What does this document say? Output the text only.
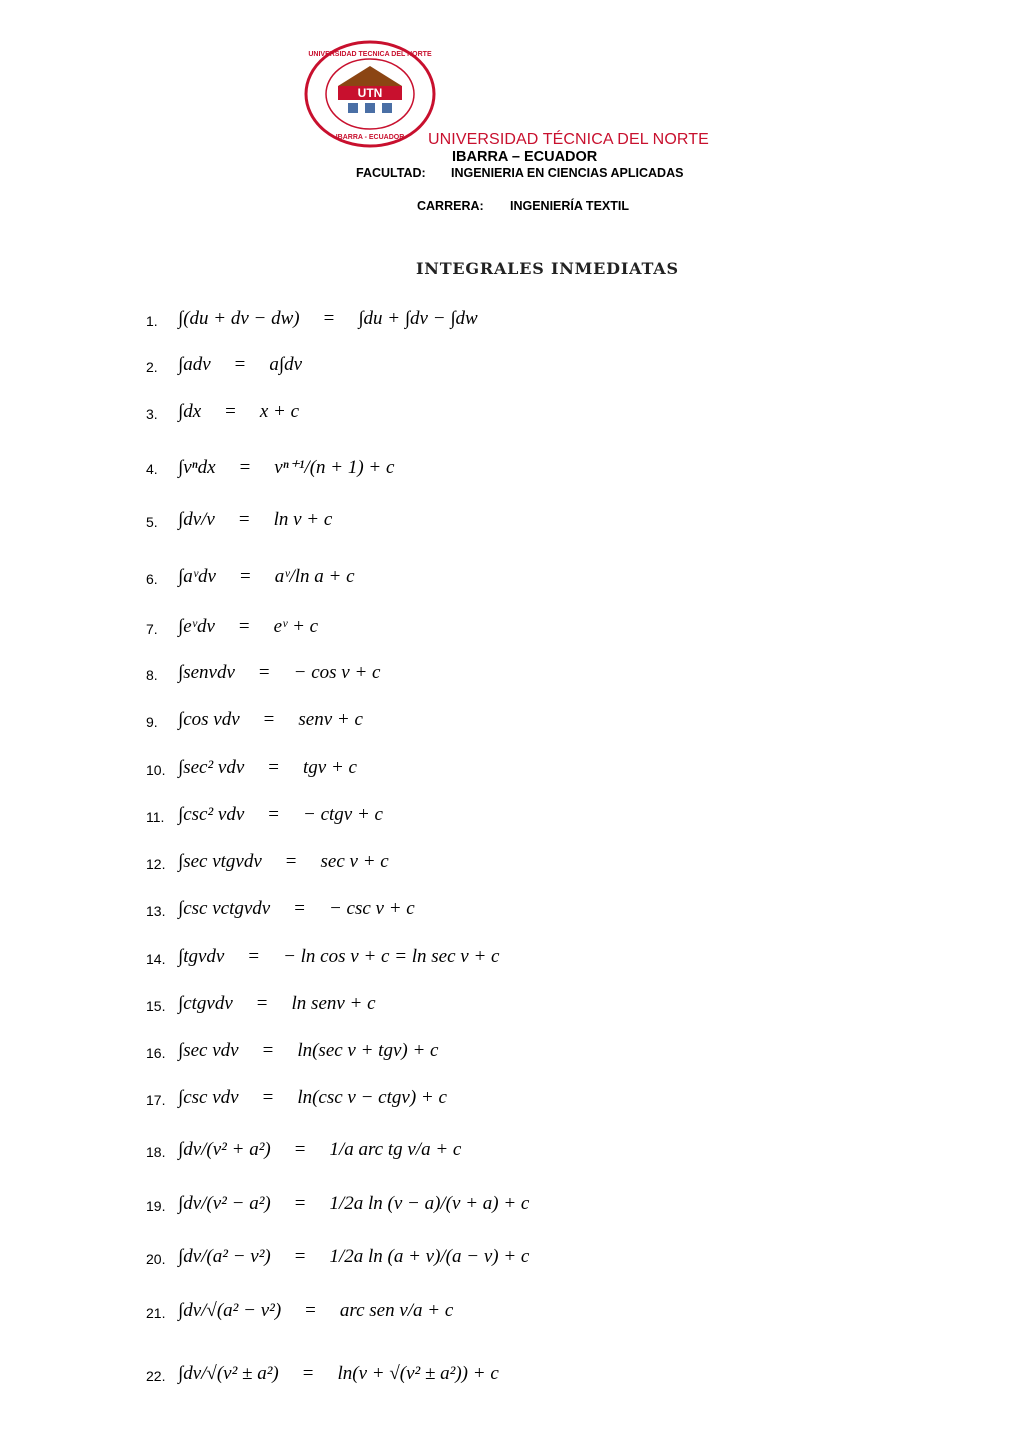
UTN
UNIVERSIDAD TECNICA DEL NORTE
IBARRA - ECUADOR UNIVERSIDAD TÉCNICA DEL NORTE
IBARRA – ECUADOR
FACULTAD: INGENIERIA EN CIENCIAS APLICADAS
CARRERA: INGENIERÍA TEXTIL
INTEGRALES INMEDIATAS
1. ∫(du + dv − dw) = ∫du + ∫dv − ∫dw
2. ∫adv = a∫dv
3. ∫dx = x + c
4. ∫vⁿdx = vⁿ⁺¹/(n + 1) + c
5. ∫dv/v = ln v + c
6. ∫aᵛdv = aᵛ/ln a + c
7. ∫eᵛdv = eᵛ + c
8. ∫senvdv = − cos v + c
9. ∫cos vdv = senv + c
10. ∫sec² vdv = tgv + c
11. ∫csc² vdv = − ctgv + c
12. ∫sec vtgvdv = sec v + c
13. ∫csc vctgvdv = − csc v + c
14. ∫tgvdv = − ln cos v + c = ln sec v + c
15. ∫ctgvdv = ln senv + c
16. ∫sec vdv = ln(sec v + tgv) + c
17. ∫csc vdv = ln(csc v − ctgv) + c
18. ∫dv/(v² + a²) = 1/a arc tg v/a + c
19. ∫dv/(v² − a²) = 1/2a ln (v − a)/(v + a) + c
20. ∫dv/(a² − v²) = 1/2a ln (a + v)/(a − v) + c
21. ∫dv/√(a² − v²) = arc sen v/a + c
22. ∫dv/√(v² ± a²) = ln(v + √(v² ± a²)) + c
